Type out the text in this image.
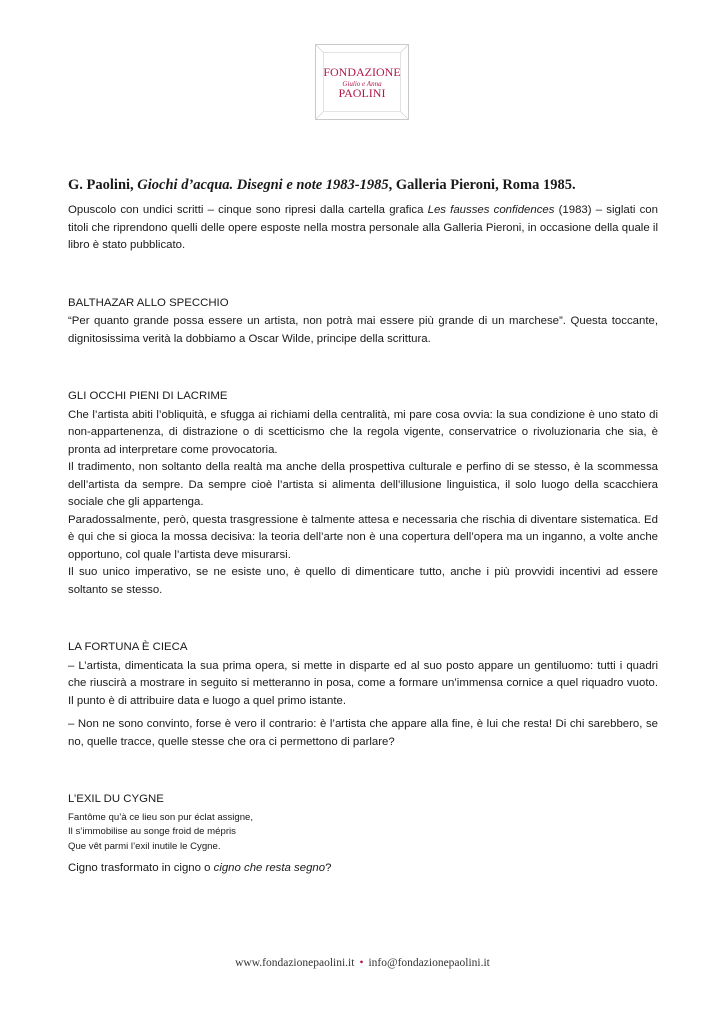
FONDAZIONE
Giulio e Anna
PAOLINI
G. Paolini, Giochi d’acqua. Disegni e note 1983-1985, Galleria Pieroni, Roma 1985.

Opuscolo con undici scritti – cinque sono ripresi dalla cartella grafica Les fausses confidences (1983) – siglati con titoli che riprendono quelli delle opere esposte nella mostra personale alla Galleria Pieroni, in occasione della quale il libro è stato pubblicato.

BALTHAZAR ALLO SPECCHIO

“Per quanto grande possa essere un artista, non potrà mai essere più grande di un marchese”. Questa toccante, dignitosissima verità la dobbiamo a Oscar Wilde, principe della scrittura.

GLI OCCHI PIENI DI LACRIME

Che l’artista abiti l’obliquità, e sfugga ai richiami della centralità, mi pare cosa ovvia: la sua condizione è uno stato di non-appartenenza, di distrazione o di scetticismo che la regola vigente, conservatrice o rivoluzionaria che sia, è pronta ad interpretare come provocatoria.

Il tradimento, non soltanto della realtà ma anche della prospettiva culturale e perfino di se stesso, è la scommessa dell’artista da sempre. Da sempre cioè l’artista si alimenta dell’illusione linguistica, il solo luogo della scacchiera sociale che gli appartenga.

Paradossalmente, però, questa trasgressione è talmente attesa e necessaria che rischia di diventare sistematica. Ed è qui che si gioca la mossa decisiva: la teoria dell’arte non è una copertura dell’opera ma un inganno, a volte anche opportuno, col quale l’artista deve misurarsi.

Il suo unico imperativo, se ne esiste uno, è quello di dimenticare tutto, anche i più provvidi incentivi ad essere soltanto se stesso.

LA FORTUNA È CIECA

– L’artista, dimenticata la sua prima opera, si mette in disparte ed al suo posto appare un gentiluomo: tutti i quadri che riuscirà a mostrare in seguito si metteranno in posa, come a formare un’immensa cornice a quel riquadro vuoto. Il punto è di attribuire data e luogo a quel primo istante.

– Non ne sono convinto, forse è vero il contrario: è l’artista che appare alla fine, è lui che resta! Di chi sarebbero, se no, quelle tracce, quelle stesse che ora ci permettono di parlare?

L’EXIL DU CYGNE
Fantôme qu’à ce lieu son pur éclat assigne,
Il s’immobilise au songe froid de mépris
Que vêt parmi l’exil inutile le Cygne.

Cigno trasformato in cigno o cigno che resta segno?

www.fondazionepaolini.it • info@fondazionepaolini.it
